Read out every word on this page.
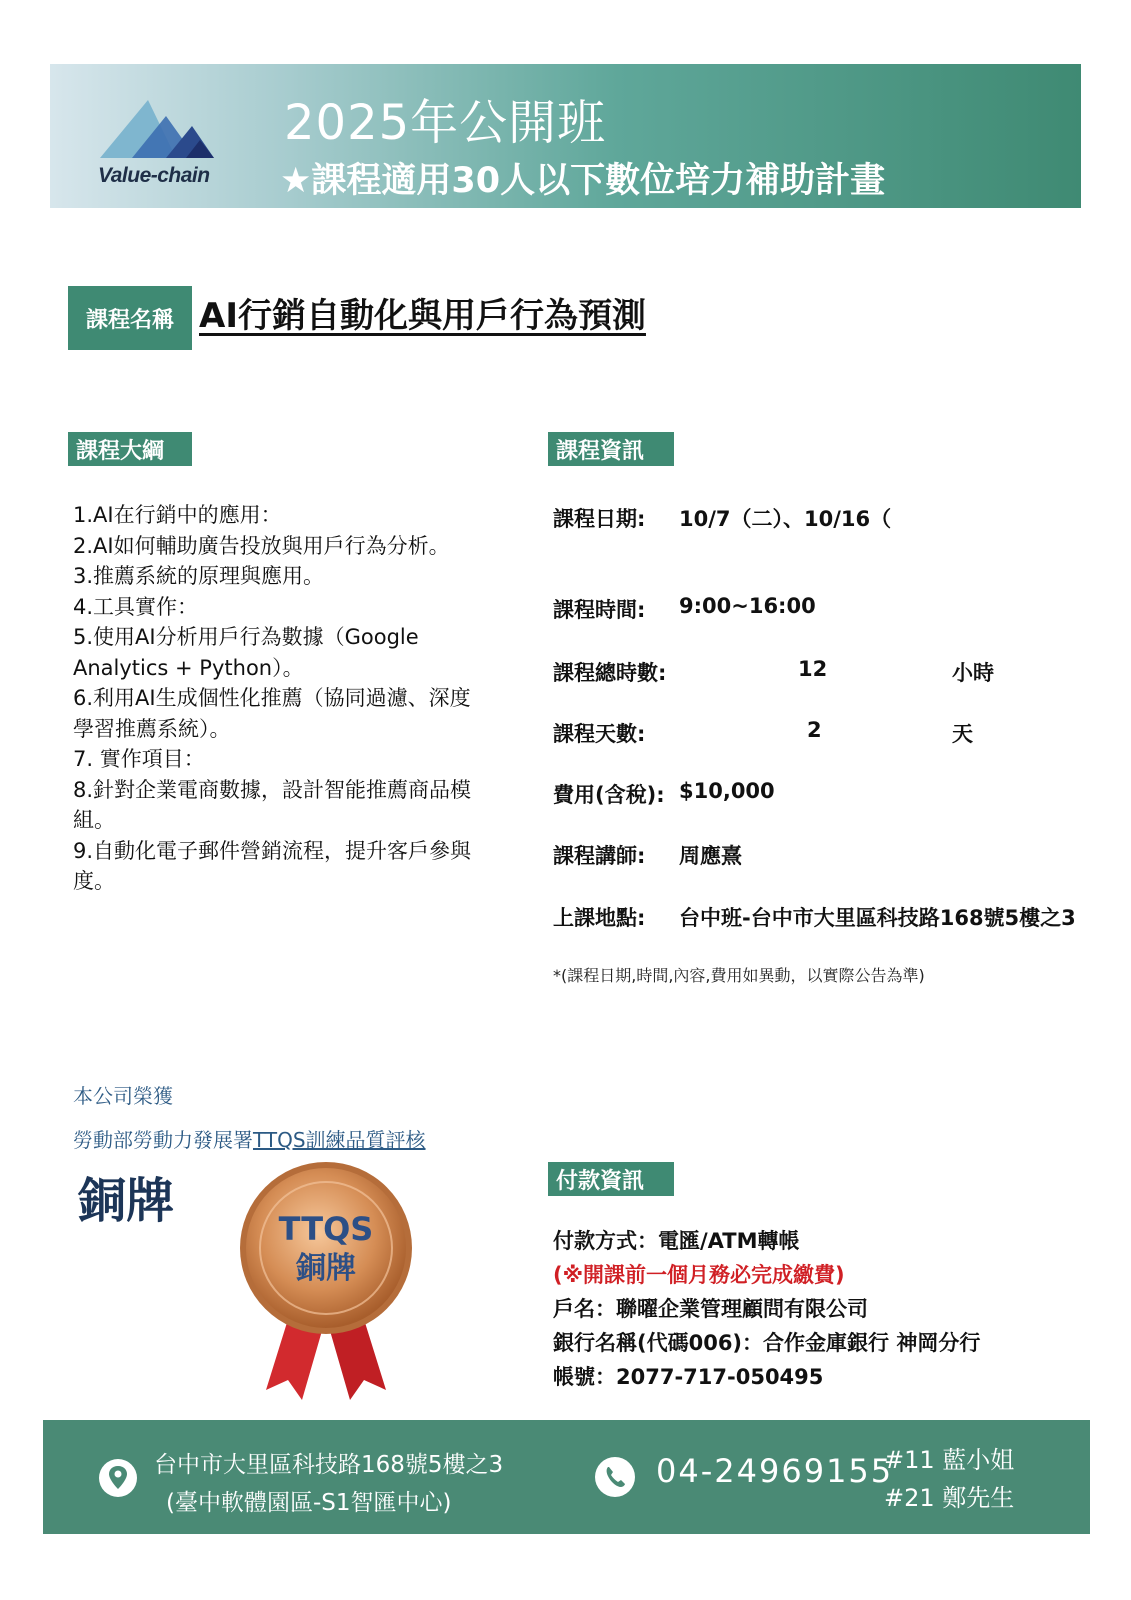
Value-chain
2025年公開班
★課程適用30人以下數位培力補助計畫
課程名稱 AI行銷自動化與用戶行為預測
課程大綱
1.AI在行銷中的應用：
2.AI如何輔助廣告投放與用戶行為分析。
3.推薦系統的原理與應用。
4.工具實作：
5.使用AI分析用戶行為數據（Google
Analytics + Python）。
6.利用AI生成個性化推薦（協同過濾、深度
學習推薦系統）。
7. 實作項目：
8.針對企業電商數據，設計智能推薦商品模
組。
9.自動化電子郵件營銷流程，提升客戶參與
度。
課程資訊
課程日期: 10/7（二）、10/16（
課程時間: 9:00~16:00
課程總時數:	12	小時
課程天數:	2	天
費用(含稅): $10,000
課程講師: 周應熹
上課地點: 台中班-台中市大里區科技路168號5樓之3
*(課程日期,時間,內容,費用如異動，以實際公告為準)
本公司榮獲
勞動部勞動力發展署TTQS訓練品質評核
銅牌	TTQS
銅牌
付款資訊
付款方式：電匯/ATM轉帳
(※開課前一個月務必完成繳費)
戶名：聯曜企業管理顧問有限公司
銀行名稱(代碼006)：合作金庫銀行 神岡分行
帳號：2077-717-050495
台中市大里區科技路168號5樓之3
(臺中軟體園區-S1智匯中心)
04-24969155
#11 藍小姐
#21 鄭先生
